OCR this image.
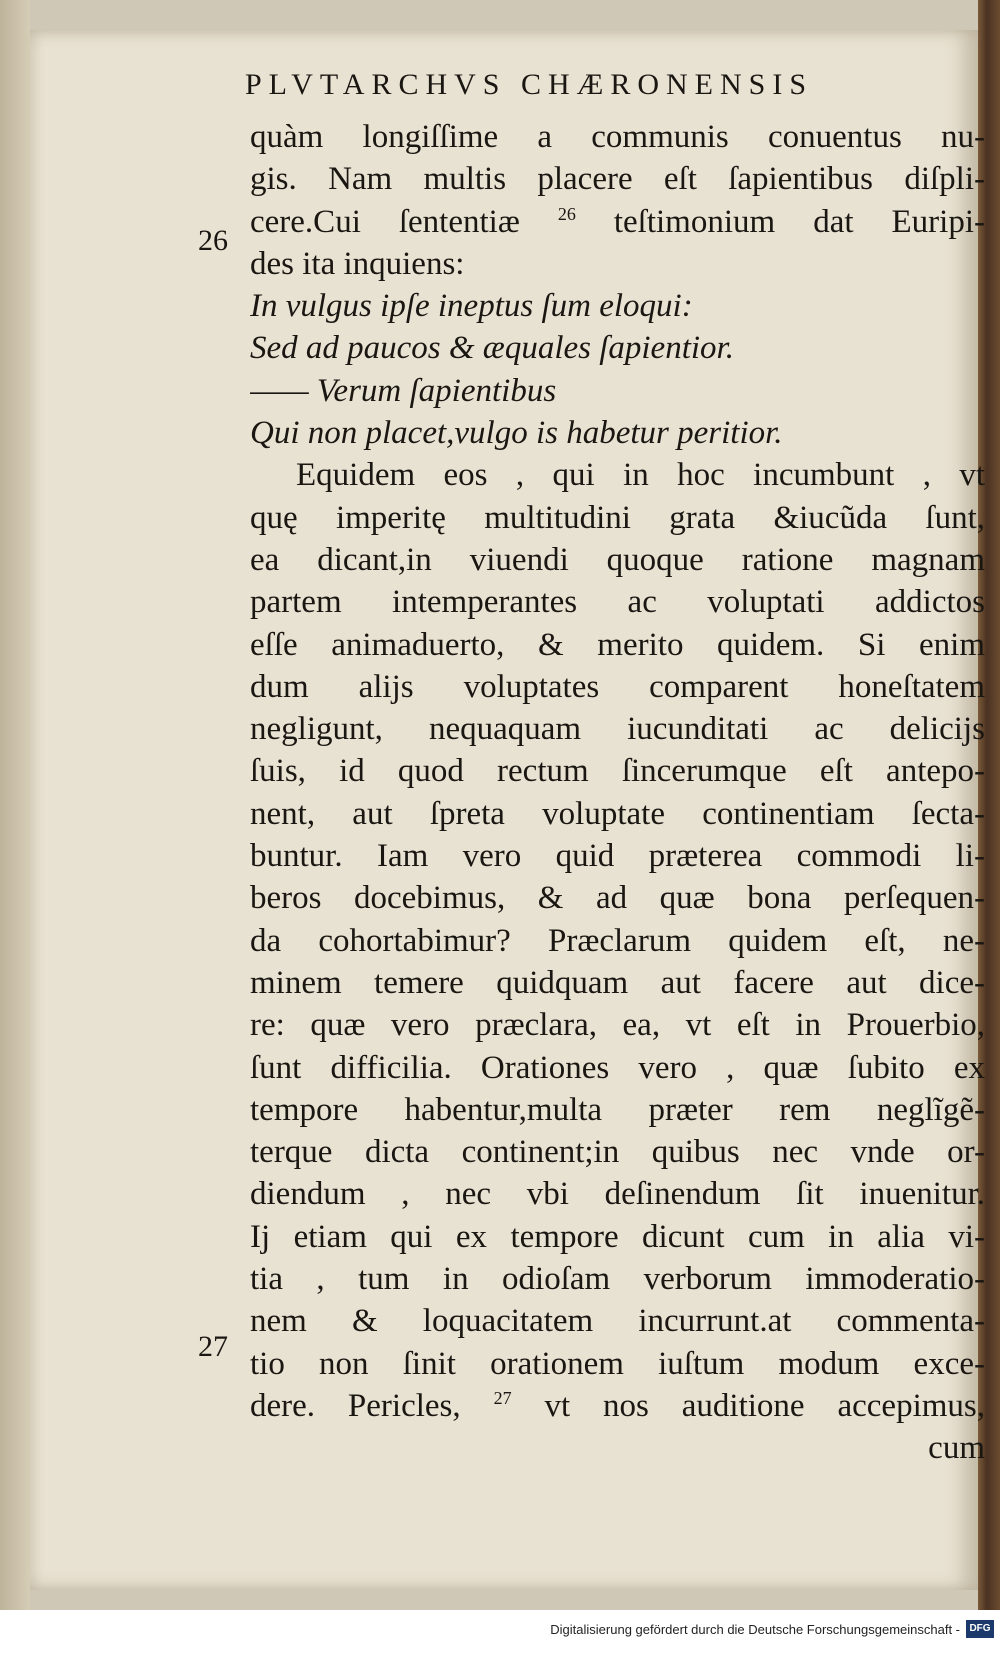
PLVTARCHVS CHÆRONENSIS
quàm longiſſime a communis conuentus nu-
gis. Nam multis placere eſt ſapientibus diſpli-
cere.Cui ſententiæ $^{26}$ teſtimonium dat Euripi-
des ita inquiens:
In vulgus ipſe ineptus ſum eloqui:
Sed ad paucos & æquales ſapientior.
—— Verum ſapientibus
Qui non placet,vulgo is habetur peritior.
Equidem eos , qui in hoc incumbunt , vt
quę imperitę multitudini grata &iucũda ſunt,
ea dicant,in viuendi quoque ratione magnam
partem intemperantes ac voluptati addictos
eſſe animaduerto, & merito quidem. Si enim
dum alijs voluptates comparent honeſtatem
negligunt, nequaquam iucunditati ac delicijs
ſuis, id quod rectum ſincerumque eſt antepo-
nent, aut ſpreta voluptate continentiam ſecta-
buntur. Iam vero quid præterea commodi li-
beros docebimus, & ad quæ bona perſequen-
da cohortabimur? Præclarum quidem eſt, ne-
minem temere quidquam aut facere aut dice-
re: quæ vero præclara, ea, vt eſt in Prouerbio,
ſunt difficilia. Orationes vero , quæ ſubito ex
tempore habentur,multa præter rem neglĩgẽ-
terque dicta continent;in quibus nec vnde or-
diendum , nec vbi deſinendum ſit inuenitur.
Ij etiam qui ex tempore dicunt cum in alia vi-
tia , tum in odioſam verborum immoderatio-
nem & loquacitatem incurrunt.at commenta-
tio non ſinit orationem iuſtum modum exce-
dere. Pericles, $^{27}$ vt nos auditione accepimus,
cum
26
27
Digitalisierung gefördert durch die Deutsche Forschungsgemeinschaft - DFG
